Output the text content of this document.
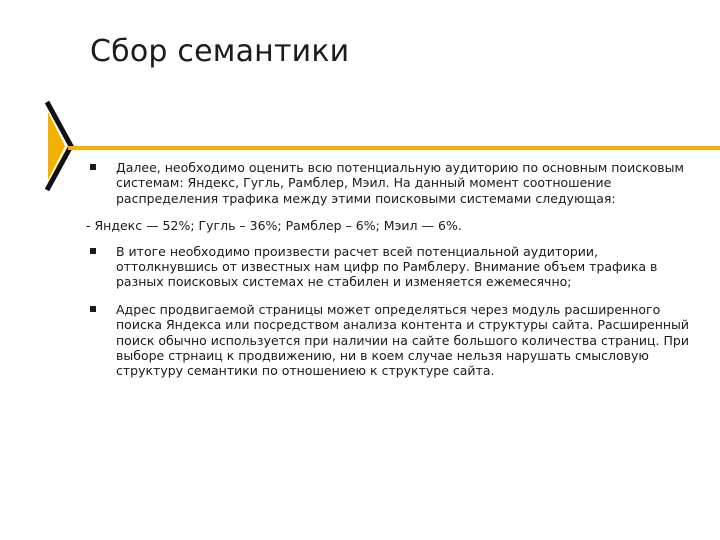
Сбор семантики
Далее, необходимо оценить всю потенциальную аудиторию по основным поисковым системам: Яндекс, Гугль, Рамблер, Мэил. На данный момент соотношение распределения трафика между этими поисковыми системами следующая:
- Яндекс — 52%; Гугль – 36%; Рамблер – 6%; Мэил — 6%.
В итоге необходимо произвести расчет всей потенциальной аудитории, оттолкнувшись от известных нам цифр по Рамблеру. Внимание объем трафика в разных поисковых системах не стабилен и изменяется ежемесячно;
Адрес продвигаемой страницы может определяться через модуль расширенного поиска Яндекса или посредством анализа контента и структуры сайта. Расширенный поиск обычно используется при наличии на сайте большого количества страниц. При выборе стрнаиц к продвижению, ни в коем случае нельзя нарушать смысловую структуру семантики по отношениею к структуре сайта.
